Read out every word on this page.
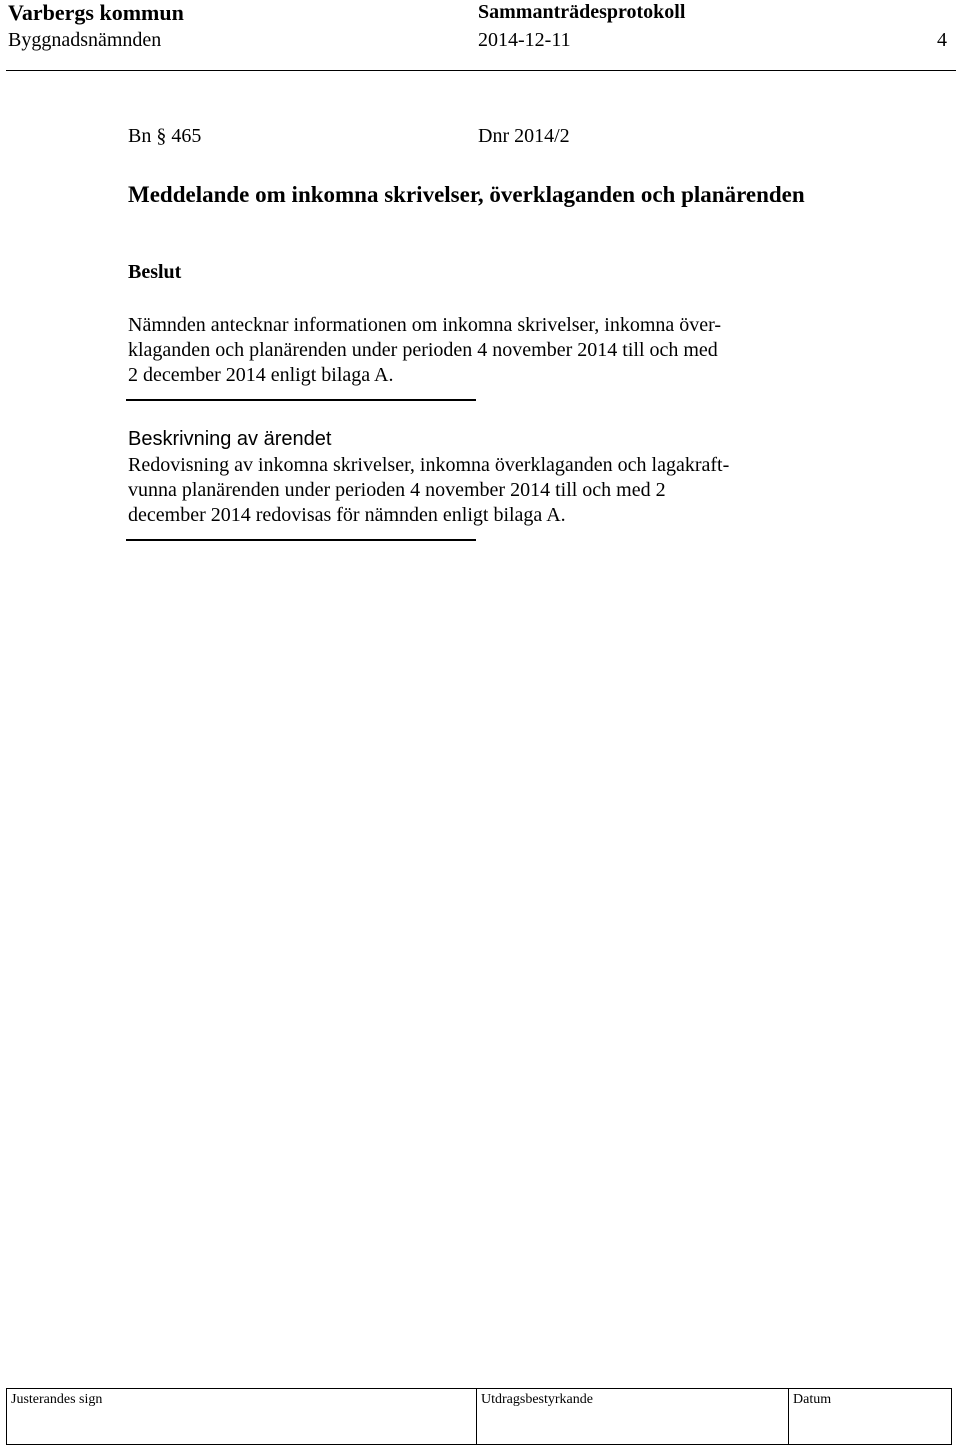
Varbergs kommun	Sammanträdesprotokoll
Byggnadsnämnden	2014-12-11	4
Bn § 465	Dnr 2014/2
Meddelande om inkomna skrivelser, överklaganden och planärenden
Beslut
Nämnden antecknar informationen om inkomna skrivelser, inkomna över-
klaganden och planärenden under perioden 4 november 2014 till och med
2 december 2014 enligt bilaga A.
Beskrivning av ärendet
Redovisning av inkomna skrivelser, inkomna överklaganden och lagakraft-
vunna planärenden under perioden 4 november 2014 till och med 2
december 2014 redovisas för nämnden enligt bilaga A.
Justerandes sign	Utdragsbestyrkande	Datum
